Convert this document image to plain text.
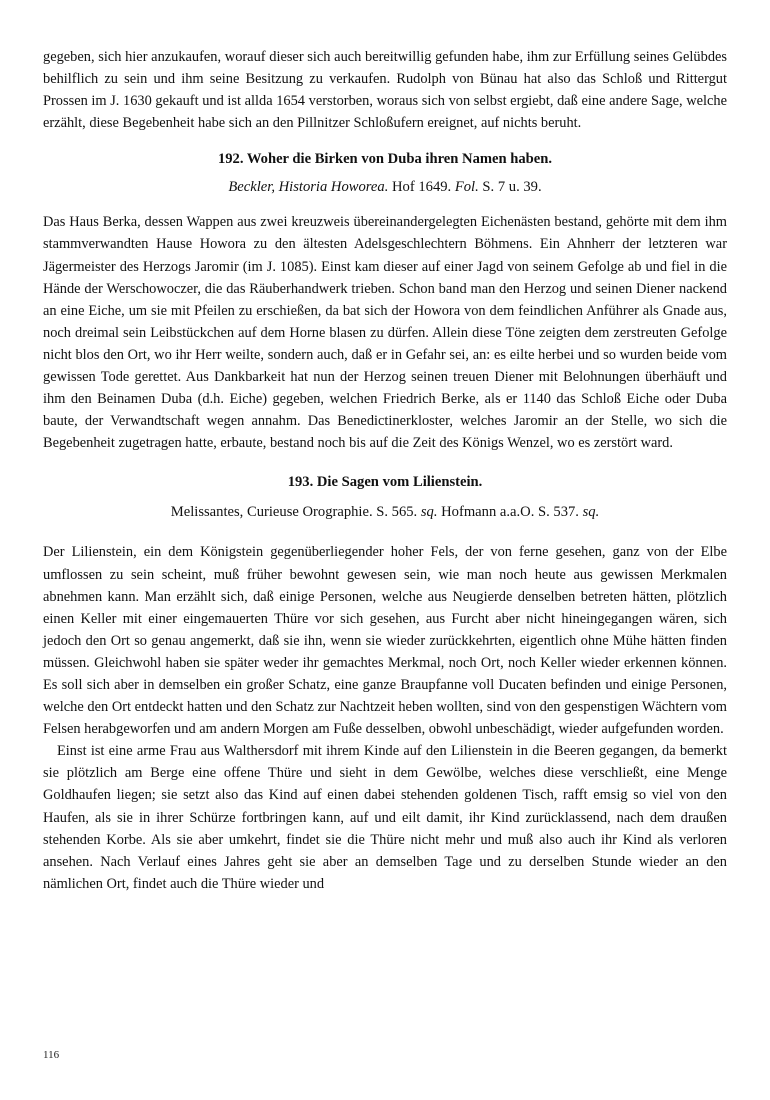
gegeben, sich hier anzukaufen, worauf dieser sich auch bereitwillig gefunden habe, ihm zur Erfüllung seines Gelübdes behilflich zu sein und ihm seine Besitzung zu verkaufen. Rudolph von Bünau hat also das Schloß und Rittergut Prossen im J. 1630 gekauft und ist allda 1654 verstorben, woraus sich von selbst ergiebt, daß eine andere Sage, welche erzählt, diese Begebenheit habe sich an den Pillnitzer Schloßufern ereignet, auf nichts beruht.

192. Woher die Birken von Duba ihren Namen haben.
Beckler, Historia Howorea. Hof 1649. Fol. S. 7 u. 39.

Das Haus Berka, dessen Wappen aus zwei kreuzweis übereinandergelegten Eichenästen bestand, gehörte mit dem ihm stammverwandten Hause Howora zu den ältesten Adelsgeschlechtern Böhmens. Ein Ahnherr der letzteren war Jägermeister des Herzogs Jaromir (im J. 1085). Einst kam dieser auf einer Jagd von seinem Gefolge ab und fiel in die Hände der Werschowoczer, die das Räuberhandwerk trieben. Schon band man den Herzog und seinen Diener nackend an eine Eiche, um sie mit Pfeilen zu erschießen, da bat sich der Howora von dem feindlichen Anführer als Gnade aus, noch dreimal sein Leibstückchen auf dem Horne blasen zu dürfen. Allein diese Töne zeigten dem zerstreuten Gefolge nicht blos den Ort, wo ihr Herr weilte, sondern auch, daß er in Gefahr sei, an: es eilte herbei und so wurden beide vom gewissen Tode gerettet. Aus Dankbarkeit hat nun der Herzog seinen treuen Diener mit Belohnungen überhäuft und ihm den Beinamen Duba (d.h. Eiche) gegeben, welchen Friedrich Berke, als er 1140 das Schloß Eiche oder Duba baute, der Verwandtschaft wegen annahm. Das Benedictinerkloster, welches Jaromir an der Stelle, wo sich die Begebenheit zugetragen hatte, erbaute, bestand noch bis auf die Zeit des Königs Wenzel, wo es zerstört ward.

193. Die Sagen vom Lilienstein.
Melissantes, Curieuse Orographie. S. 565. sq. Hofmann a.a.O. S. 537. sq.

Der Lilienstein, ein dem Königstein gegenüberliegender hoher Fels, der von ferne gesehen, ganz von der Elbe umflossen zu sein scheint, muß früher bewohnt gewesen sein, wie man noch heute aus gewissen Merkmalen abnehmen kann. Man erzählt sich, daß einige Personen, welche aus Neugierde denselben betreten hätten, plötzlich einen Keller mit einer eingemauerten Thüre vor sich gesehen, aus Furcht aber nicht hineingegangen wären, sich jedoch den Ort so genau angemerkt, daß sie ihn, wenn sie wieder zurückkehrten, eigentlich ohne Mühe hätten finden müssen. Gleichwohl haben sie später weder ihr gemachtes Merkmal, noch Ort, noch Keller wieder erkennen können. Es soll sich aber in demselben ein großer Schatz, eine ganze Braupfanne voll Ducaten befinden und einige Personen, welche den Ort entdeckt hatten und den Schatz zur Nachtzeit heben wollten, sind von den gespenstigen Wächtern vom Felsen herabgeworfen und am andern Morgen am Fuße desselben, obwohl unbeschädigt, wieder aufgefunden worden.

Einst ist eine arme Frau aus Walthersdorf mit ihrem Kinde auf den Lilienstein in die Beeren gegangen, da bemerkt sie plötzlich am Berge eine offene Thüre und sieht in dem Gewölbe, welches diese verschließt, eine Menge Goldhaufen liegen; sie setzt also das Kind auf einen dabei stehenden goldenen Tisch, rafft emsig so viel von den Haufen, als sie in ihrer Schürze fortbringen kann, auf und eilt damit, ihr Kind zurücklassend, nach dem draußen stehenden Korbe. Als sie aber umkehrt, findet sie die Thüre nicht mehr und muß also auch ihr Kind als verloren ansehen. Nach Verlauf eines Jahres geht sie aber an demselben Tage und zu derselben Stunde wieder an den nämlichen Ort, findet auch die Thüre wieder und

116
